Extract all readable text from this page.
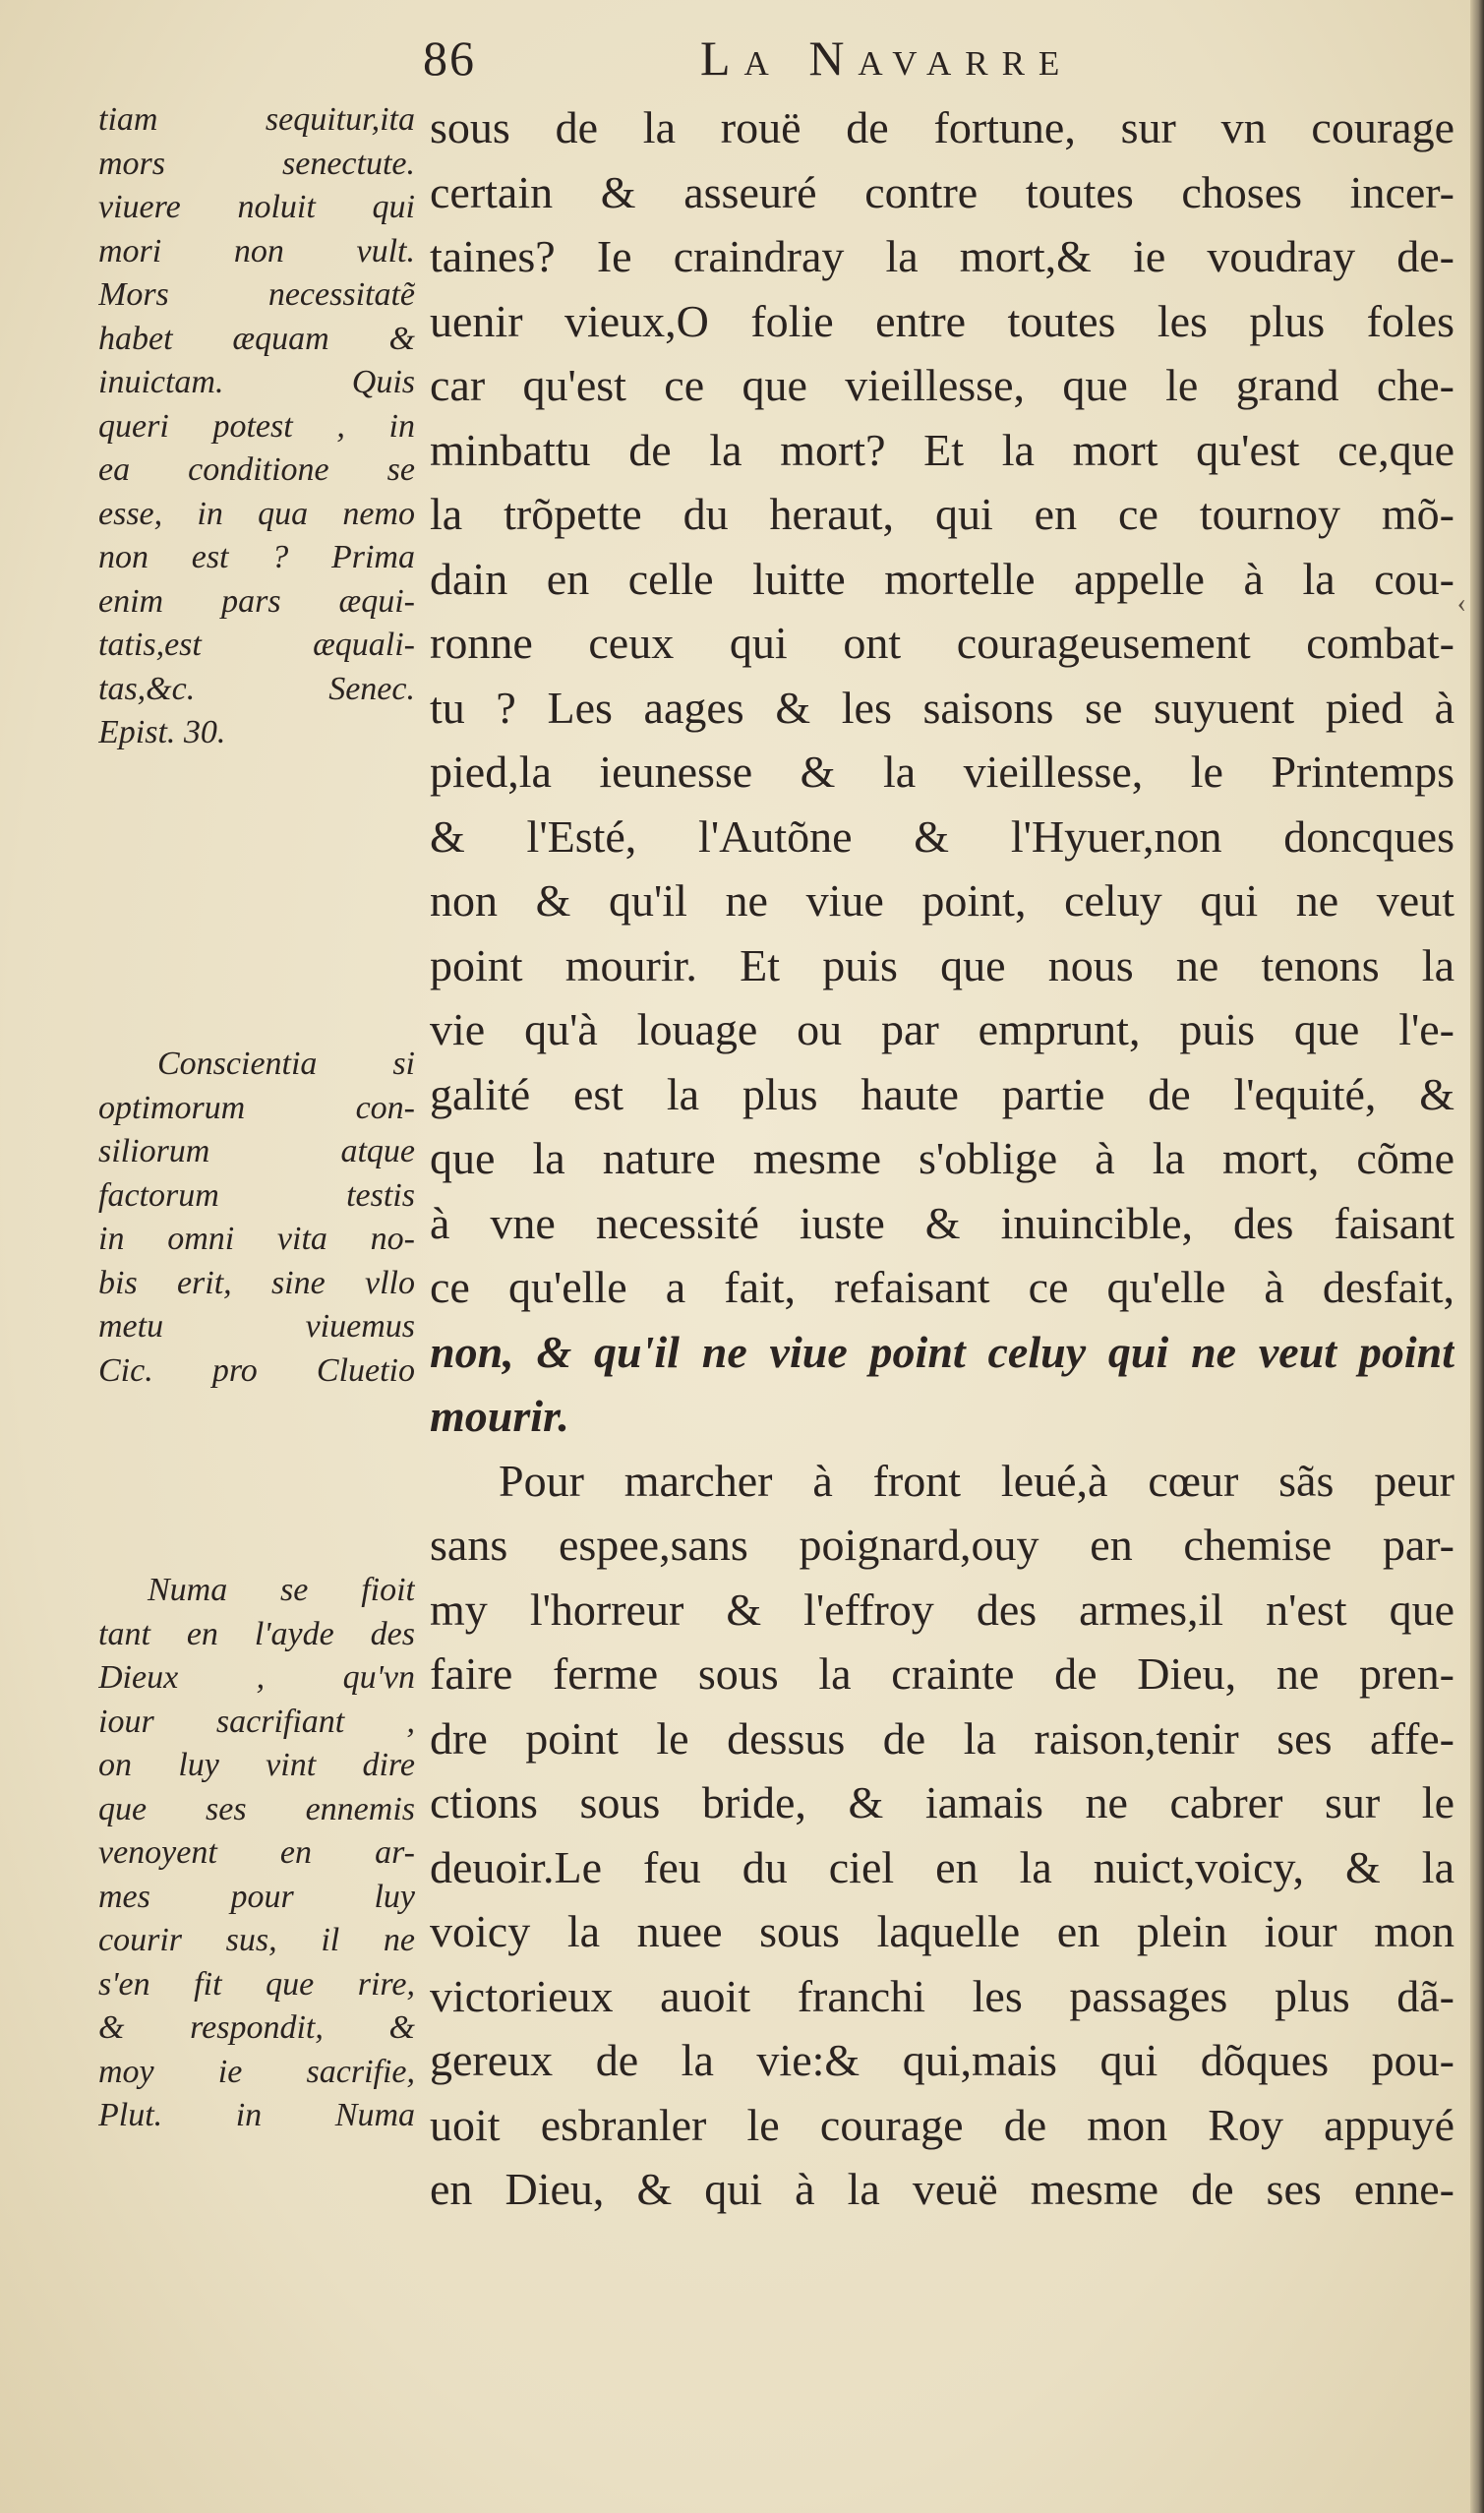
86	La Navarre
sous de la rouë de fortune, sur vn courage
certain & asseuré contre toutes choses incer-
taines? Ie craindray la mort,& ie voudray de-
uenir vieux,O folie entre toutes les plus foles
car qu'est ce que vieillesse, que le grand che-
minbattu de la mort? Et la mort qu'est ce,que
la trõpette du heraut, qui en ce tournoy mõ-
dain en celle luitte mortelle appelle à la cou-
ronne ceux qui ont courageusement combat-
tu ? Les aages & les saisons se suyuent pied à
pied,la ieunesse & la vieillesse, le Printemps
& l'Esté, l'Autõne & l'Hyuer,non doncques
non & qu'il ne viue point, celuy qui ne veut
point mourir. Et puis que nous ne tenons la
vie qu'à louage ou par emprunt, puis que l'e-
galité est la plus haute partie de l'equité, &
que la nature mesme s'oblige à la mort, cõme
à vne necessité iuste & inuincible, des faisant
ce qu'elle a fait, refaisant ce qu'elle à desfait,
non, & qu'il ne viue point celuy qui ne veut point
mourir.
Pour marcher à front leué,à cœur sãs peur
sans espee,sans poignard,ouy en chemise par-
my l'horreur & l'effroy des armes,il n'est que
faire ferme sous la crainte de Dieu, ne pren-
dre point le dessus de la raison,tenir ses affe-
ctions sous bride, & iamais ne cabrer sur le
deuoir.Le feu du ciel en la nuict,voicy, & la
voicy la nuee sous laquelle en plein iour mon
victorieux auoit franchi les passages plus dã-
gereux de la vie:& qui,mais qui dõques pou-
uoit esbranler le courage de mon Roy appuyé
en Dieu, & qui à la veuë mesme de ses enne-
tiam sequitur,ita
mors senectute.
viuere noluit qui
mori non vult.
Mors necessitatẽ
habet æquam &
inuictam. Quis
queri potest , in
ea conditione se
esse, in qua nemo
non est ? Prima
enim pars æqui-
tatis,est æquali-
tas,&c. Senec.
Epist. 30.
Conscientia si
optimorum con-
siliorum atque
factorum testis
in omni vita no-
bis erit, sine vllo
metu viuemus
Cic. pro Cluetio
Numa se fioit
tant en l'ayde des
Dieux , qu'vn
iour sacrifiant ,
on luy vint dire
que ses ennemis
venoyent en ar-
mes pour luy
courir sus, il ne
s'en fit que rire,
& respondit, &
moy ie sacrifie,
Plut. in Numa
‹
